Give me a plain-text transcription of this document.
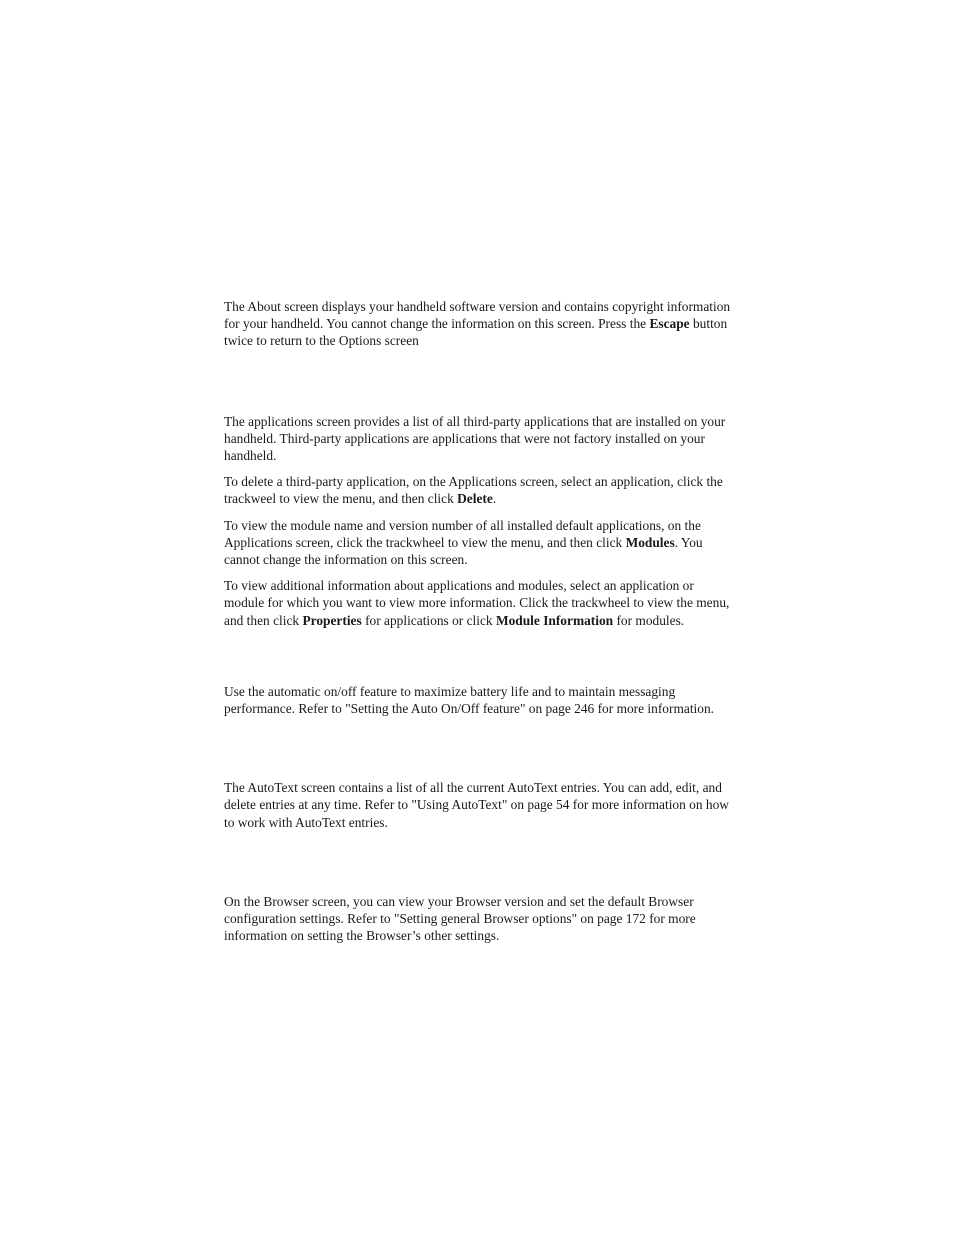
The About screen displays your handheld software version and contains copyright information for your handheld. You cannot change the information on this screen. Press the Escape button twice to return to the Options screen

The applications screen provides a list of all third-party applications that are installed on your handheld. Third-party applications are applications that were not factory installed on your handheld.

To delete a third-party application, on the Applications screen, select an application, click the trackweel to view the menu, and then click Delete.

To view the module name and version number of all installed default applications, on the Applications screen, click the trackwheel to view the menu, and then click Modules. You cannot change the information on this screen.

To view additional information about applications and modules, select an application or module for which you want to view more information. Click the trackwheel to view the menu, and then click Properties for applications or click Module Information for modules.

Use the automatic on/off feature to maximize battery life and to maintain messaging performance. Refer to "Setting the Auto On/Off feature" on page 246 for more information.

The AutoText screen contains a list of all the current AutoText entries. You can add, edit, and delete entries at any time. Refer to "Using AutoText" on page 54 for more information on how to work with AutoText entries.

On the Browser screen, you can view your Browser version and set the default Browser configuration settings. Refer to "Setting general Browser options" on page 172 for more information on setting the Browser’s other settings.
